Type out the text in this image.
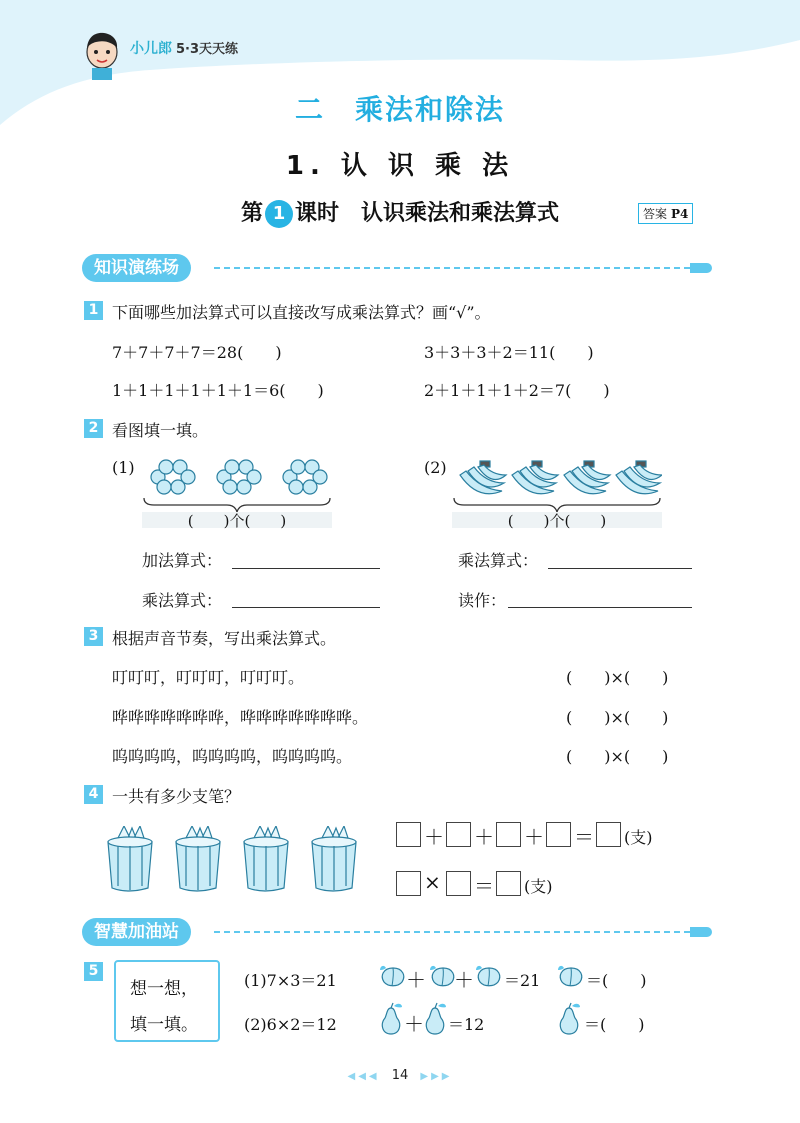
小儿郎 5·3天天练
二　乘法和除法
1. 认 识 乘 法
第 1 课时　认识乘法和乘法算式	答案 P4
知识演练场
1 下面哪些加法算式可以直接改写成乘法算式？画“√”。
7＋7＋7＋7＝28(　　)	3＋3＋3＋2＝11(　　)
1＋1＋1＋1＋1＋1＝6(　　)	2＋1＋1＋1＋2＝7(　　)
2 看图填一填。
(1)
(　　)个(　　)
(2)
(　　)个(　　)
加法算式：	乘法算式：
乘法算式：	读作：
3 根据声音节奏，写出乘法算式。
叮叮叮，叮叮叮，叮叮叮。	(　　)×(　　)
哗哗哗哗哗哗哗，哗哗哗哗哗哗哗。	(　　)×(　　)
呜呜呜呜，呜呜呜呜，呜呜呜呜。	(　　)×(　　)
4 一共有多少支笔？
＋ ＋ ＋ ＝ (支)
× ＝ (支)
智慧加油站
5
想一想，
填一填。
(1)7×3＝21	＋ ＋ ＝21	＝(　　)
(2)6×2＝12	＋ ＝12	＝(　　)
◀◀◀ 14 ▶▶▶
